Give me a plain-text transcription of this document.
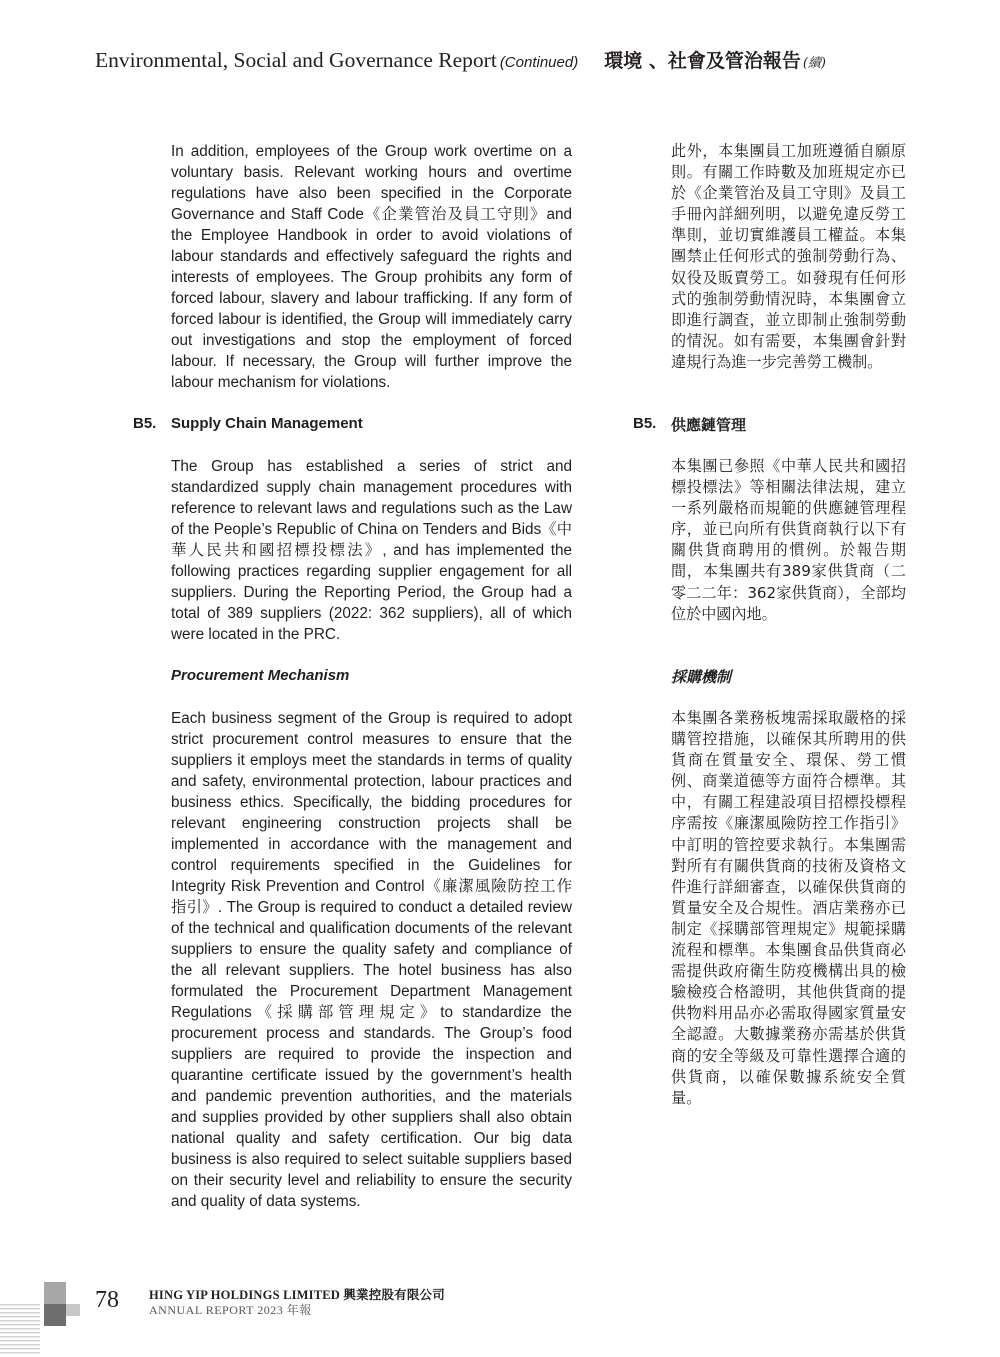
Environmental, Social and Governance Report (Continued) 環境 、社會及管治報告 (續)

In addition, employees of the Group work overtime on a voluntary basis. Relevant working hours and overtime regulations have also been specified in the Corporate Governance and Staff Code《企業管治及員工守則》and the Employee Handbook in order to avoid violations of labour standards and effectively safeguard the rights and interests of employees. The Group prohibits any form of forced labour, slavery and labour trafficking. If any form of forced labour is identified, the Group will immediately carry out investigations and stop the employment of forced labour. If necessary, the Group will further improve the labour mechanism for violations.

此外，本集團員工加班遵循自願原則。有關工作時數及加班規定亦已於《企業管治及員工守則》及員工手冊內詳細列明，以避免違反勞工準則，並切實維護員工權益。本集團禁止任何形式的強制勞動行為、奴役及販賣勞工。如發現有任何形式的強制勞動情況時，本集團會立即進行調查，並立即制止強制勞動的情況。如有需要，本集團會針對違規行為進一步完善勞工機制。

B5. Supply Chain Management	B5. 供應鏈管理

The Group has established a series of strict and standardized supply chain management procedures with reference to relevant laws and regulations such as the Law of the People’s Republic of China on Tenders and Bids《中華人民共和國招標投標法》, and has implemented the following practices regarding supplier engagement for all suppliers. During the Reporting Period, the Group had a total of 389 suppliers (2022: 362 suppliers), all of which were located in the PRC.

本集團已參照《中華人民共和國招標投標法》等相關法律法規，建立一系列嚴格而規範的供應鏈管理程序，並已向所有供貨商執行以下有關供貨商聘用的慣例。於報告期間，本集團共有389家供貨商（二零二二年：362家供貨商），全部均位於中國內地。

Procurement Mechanism	採購機制

Each business segment of the Group is required to adopt strict procurement control measures to ensure that the suppliers it employs meet the standards in terms of quality and safety, environmental protection, labour practices and business ethics. Specifically, the bidding procedures for relevant engineering construction projects shall be implemented in accordance with the management and control requirements specified in the Guidelines for Integrity Risk Prevention and Control《廉潔風險防控工作指引》. The Group is required to conduct a detailed review of the technical and qualification documents of the relevant suppliers to ensure the quality safety and compliance of the all relevant suppliers. The hotel business has also formulated the Procurement Department Management Regulations《採購部管理規定》to standardize the procurement process and standards. The Group’s food suppliers are required to provide the inspection and quarantine certificate issued by the government’s health and pandemic prevention authorities, and the materials and supplies provided by other suppliers shall also obtain national quality and safety certification. Our big data business is also required to select suitable suppliers based on their security level and reliability to ensure the security and quality of data systems.

本集團各業務板塊需採取嚴格的採購管控措施，以確保其所聘用的供貨商在質量安全、環保、勞工慣例、商業道德等方面符合標準。其中，有關工程建設項目招標投標程序需按《廉潔風險防控工作指引》中訂明的管控要求執行。本集團需對所有有關供貨商的技術及資格文件進行詳細審查，以確保供貨商的質量安全及合規性。酒店業務亦已制定《採購部管理規定》規範採購流程和標準。本集團食品供貨商必需提供政府衛生防疫機構出具的檢驗檢疫合格證明，其他供貨商的提供物料用品亦必需取得國家質量安全認證。大數據業務亦需基於供貨商的安全等級及可靠性選擇合適的供貨商，以確保數據系統安全質量。

78 HING YIP HOLDINGS LIMITED 興業控股有限公司
ANNUAL REPORT 2023 年報
